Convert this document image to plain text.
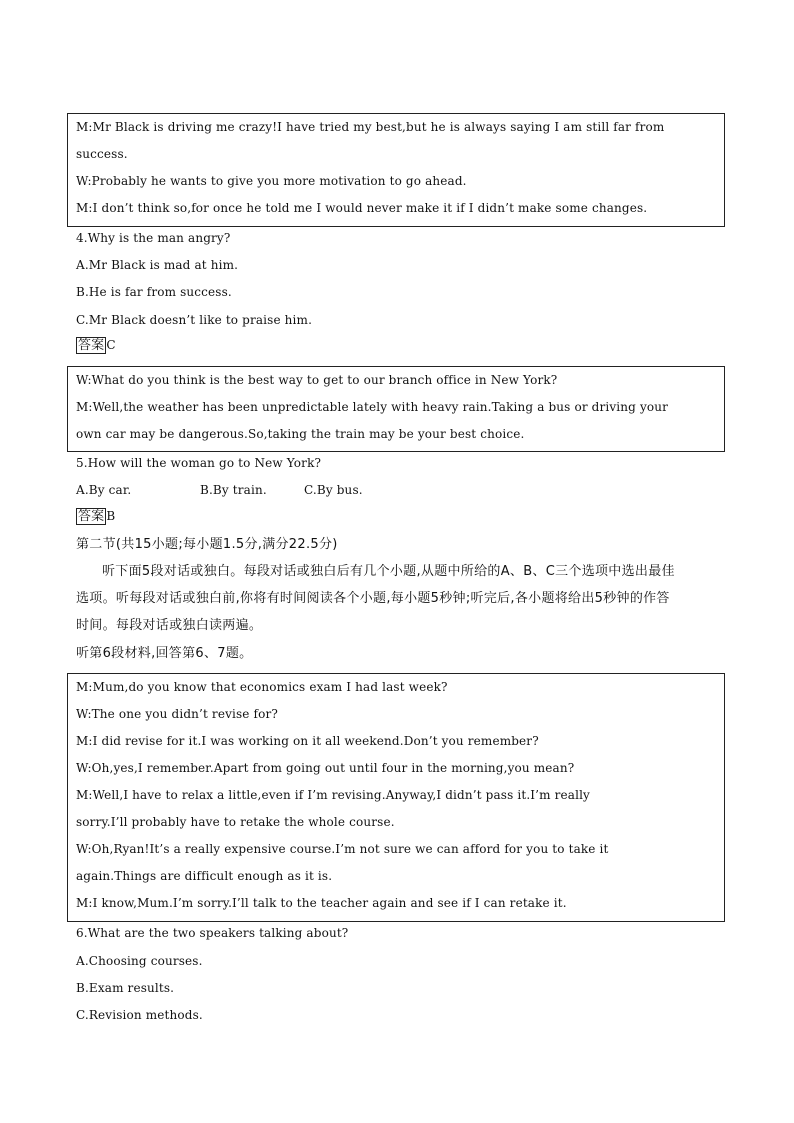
M:Mr Black is driving me crazy!I have tried my best,but he is always saying I am still far from
success.
W:Probably he wants to give you more motivation to go ahead.
M:I don’t think so,for once he told me I would never make it if I didn’t make some changes.
4.Why is the man angry?
A.Mr Black is mad at him.
B.He is far from success.
C.Mr Black doesn’t like to praise him.
答案 C
W:What do you think is the best way to get to our branch office in New York?
M:Well,the weather has been unpredictable lately with heavy rain.Taking a bus or driving your
own car may be dangerous.So,taking the train may be your best choice.
5.How will the woman go to New York?
A.By car.	B.By train.	C.By bus.
答案 B
第二节(共15小题;每小题1.5分,满分22.5分)
听下面5段对话或独白。每段对话或独白后有几个小题,从题中所给的A、B、C三个选项中选出最佳
选项。听每段对话或独白前,你将有时间阅读各个小题,每小题5秒钟;听完后,各小题将给出5秒钟的作答
时间。每段对话或独白读两遍。
听第6段材料,回答第6、7题。
M:Mum,do you know that economics exam I had last week?
W:The one you didn’t revise for?
M:I did revise for it.I was working on it all weekend.Don’t you remember?
W:Oh,yes,I remember.Apart from going out until four in the morning,you mean?
M:Well,I have to relax a little,even if I’m revising.Anyway,I didn’t pass it.I’m really
sorry.I’ll probably have to retake the whole course.
W:Oh,Ryan!It’s a really expensive course.I’m not sure we can afford for you to take it
again.Things are difficult enough as it is.
M:I know,Mum.I’m sorry.I’ll talk to the teacher again and see if I can retake it.
6.What are the two speakers talking about?
A.Choosing courses.
B.Exam results.
C.Revision methods.
